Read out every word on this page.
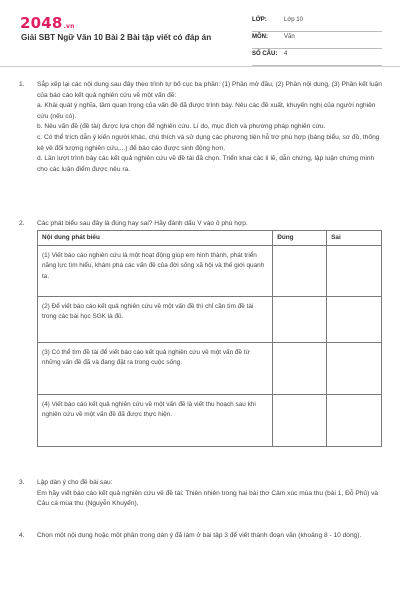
2048.vn
Giải SBT Ngữ Văn 10 Bài 2 Bài tập viết có đáp án
LỚP:	Lớp 10
MÔN:	Văn
SỐ CÂU: 4
1. Sắp xếp lại các nội dung sau đây theo trình tự bố cục ba phần: (1) Phần mở đầu, (2) Phần nội dung, (3) Phần kết luận của báo cáo kết quả nghiên cứu về một vấn đề:

a. Khái quát ý nghĩa, tầm quan trọng của vấn đề đã được trình bày. Nêu các đề xuất, khuyến nghị của người nghiên cứu (nếu có).

b. Nêu vấn đề (đề tài) được lựa chọn để nghiên cứu. Lí do, mục đích và phương pháp nghiên cứu.

c. Có thể trích dẫn ý kiến người khác, chú thích và sử dụng các phương tiện hỗ trợ phù hợp (bảng biểu, sơ đồ, thống kê về đối tượng nghiên cứu,...) để báo cáo được sinh động hơn.

d. Lần lượt trình bày các kết quả nghiên cứu về đề tài đã chọn. Triển khai các lí lẽ, dẫn chứng, lập luận chứng minh cho các luận điểm được nêu ra.

2. Các phát biểu sau đây là đúng hay sai? Hãy đánh dấu V vào ô phù hợp.

Nội dung phát biểu	Đúng	Sai
(1) Viết báo cáo nghiên cứu là một hoạt động giúp em hình thành, phát triển năng lực tìm hiểu, khám phá các vấn đề của đời sống xã hội và thế giới quanh ta.		
(2) Để viết báo cáo kết quả nghiên cứu về một vấn đề thì chỉ cần tìm đề tài trong các bài học SGK là đủ.		
(3) Có thể tìm đề tài để viết báo cáo kết quả nghiên cứu về một vấn đề từ những vấn đề đã và đang đặt ra trong cuộc sống.		
(4) Viết báo cáo kết quả nghiên cứu về một vấn đề là viết thu hoạch sau khi nghiên cứu về một vấn đề đã được thực hiện.		
3. Lập dàn ý cho đề bài sau:

Em hãy viết báo cáo kết quả nghiên cứu về đề tài: Thiên nhiên trong hai bài thơ Cảm xúc mùa thu (bài 1, Đỗ Phủ) và Câu cá mùa thu (Nguyễn Khuyến).

4. Chọn một nội dung hoặc một phần trong dàn ý đã làm ở bài tập 3 để viết thành đoạn văn (khoảng 8 - 10 dòng).
